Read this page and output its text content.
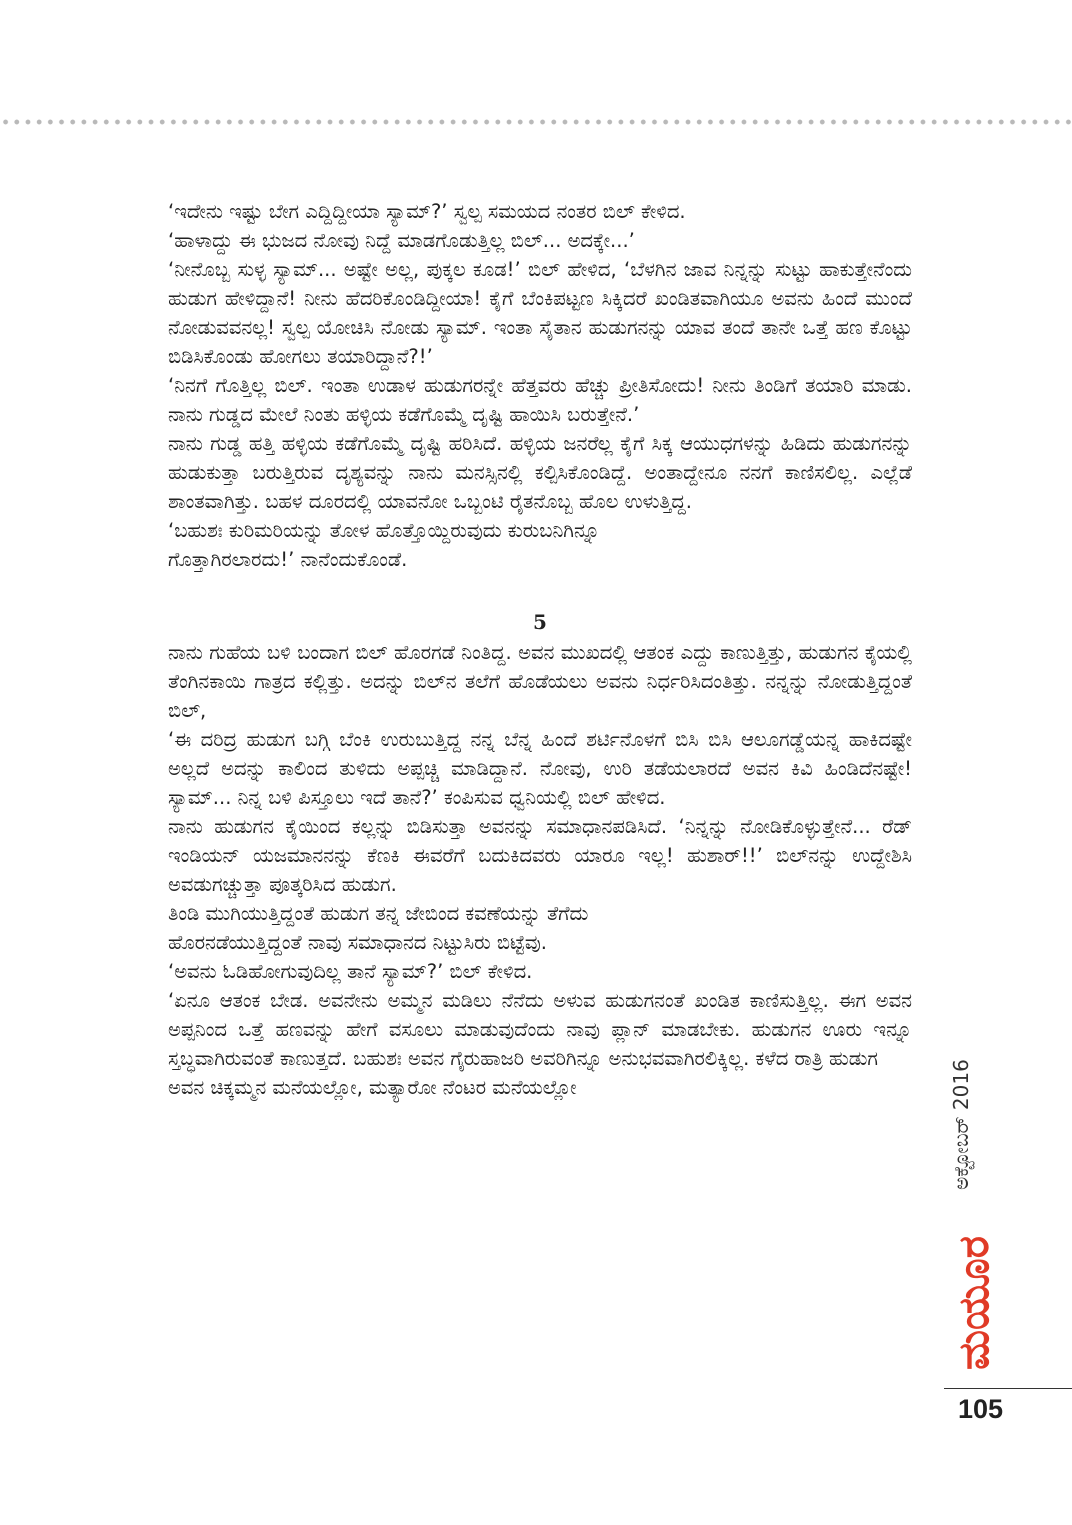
‘ಇದೇನು ಇಷ್ಟು ಬೇಗ ಎದ್ದಿದ್ದೀಯಾ ಸ್ಯಾಮ್?’ ಸ್ವಲ್ಪ ಸಮಯದ ನಂತರ ಬಿಲ್ ಕೇಳಿದ.

‘ಹಾಳಾದ್ದು ಈ ಭುಜದ ನೋವು ನಿದ್ದೆ ಮಾಡಗೊಡುತ್ತಿಲ್ಲ ಬಿಲ್... ಅದಕ್ಕೇ...’

‘ನೀನೊಬ್ಬ ಸುಳ್ಳ ಸ್ಯಾಮ್... ಅಷ್ಟೇ ಅಲ್ಲ, ಪುಕ್ಕಲ ಕೂಡ!’ ಬಿಲ್ ಹೇಳಿದ, ‘ಬೆಳಗಿನ ಜಾವ ನಿನ್ನನ್ನು ಸುಟ್ಟು ಹಾಕುತ್ತೇನೆಂದು ಹುಡುಗ ಹೇಳಿದ್ದಾನೆ! ನೀನು ಹೆದರಿಕೊಂಡಿದ್ದೀಯಾ! ಕೈಗೆ ಬೆಂಕಿಪಟ್ಟಣ ಸಿಕ್ಕಿದರೆ ಖಂಡಿತವಾಗಿಯೂ ಅವನು ಹಿಂದೆ ಮುಂದೆ ನೋಡುವವನಲ್ಲ! ಸ್ವಲ್ಪ ಯೋಚಿಸಿ ನೋಡು ಸ್ಯಾಮ್. ಇಂತಾ ಸೈತಾನ ಹುಡುಗನನ್ನು ಯಾವ ತಂದೆ ತಾನೇ ಒತ್ತೆ ಹಣ ಕೊಟ್ಟು ಬಿಡಿಸಿಕೊಂಡು ಹೋಗಲು ತಯಾರಿದ್ದಾನೆ?!’

‘ನಿನಗೆ ಗೊತ್ತಿಲ್ಲ ಬಿಲ್. ಇಂತಾ ಉಡಾಳ ಹುಡುಗರನ್ನೇ ಹೆತ್ತವರು ಹೆಚ್ಚು ಪ್ರೀತಿಸೋದು! ನೀನು ತಿಂಡಿಗೆ ತಯಾರಿ ಮಾಡು. ನಾನು ಗುಡ್ಡದ ಮೇಲೆ ನಿಂತು ಹಳ್ಳಿಯ ಕಡೆಗೊಮ್ಮೆ ದೃಷ್ಟಿ ಹಾಯಿಸಿ ಬರುತ್ತೇನೆ.’

ನಾನು ಗುಡ್ಡ ಹತ್ತಿ ಹಳ್ಳಿಯ ಕಡೆಗೊಮ್ಮೆ ದೃಷ್ಟಿ ಹರಿಸಿದೆ. ಹಳ್ಳಿಯ ಜನರೆಲ್ಲ ಕೈಗೆ ಸಿಕ್ಕ ಆಯುಧಗಳನ್ನು ಹಿಡಿದು ಹುಡುಗನನ್ನು ಹುಡುಕುತ್ತಾ ಬರುತ್ತಿರುವ ದೃಶ್ಯವನ್ನು ನಾನು ಮನಸ್ಸಿನಲ್ಲಿ ಕಲ್ಪಿಸಿಕೊಂಡಿದ್ದೆ. ಅಂತಾದ್ದೇನೂ ನನಗೆ ಕಾಣಿಸಲಿಲ್ಲ. ಎಲ್ಲೆಡೆ ಶಾಂತವಾಗಿತ್ತು. ಬಹಳ ದೂರದಲ್ಲಿ ಯಾವನೋ ಒಬ್ಬಂಟಿ ರೈತನೊಬ್ಬ ಹೊಲ ಉಳುತ್ತಿದ್ದ.

‘ಬಹುಶಃ ಕುರಿಮರಿಯನ್ನು ತೋಳ ಹೊತ್ತೊಯ್ದಿರುವುದು ಕುರುಬನಿಗಿನ್ನೂ
ಗೊತ್ತಾಗಿರಲಾರದು!’ ನಾನೆಂದುಕೊಂಡೆ.

5

ನಾನು ಗುಹೆಯ ಬಳಿ ಬಂದಾಗ ಬಿಲ್ ಹೊರಗಡೆ ನಿಂತಿದ್ದ. ಅವನ ಮುಖದಲ್ಲಿ ಆತಂಕ ಎದ್ದು ಕಾಣುತ್ತಿತ್ತು, ಹುಡುಗನ ಕೈಯಲ್ಲಿ ತೆಂಗಿನಕಾಯಿ ಗಾತ್ರದ ಕಲ್ಲಿತ್ತು. ಅದನ್ನು ಬಿಲ್‌ನ ತಲೆಗೆ ಹೊಡೆಯಲು ಅವನು ನಿರ್ಧರಿಸಿದಂತಿತ್ತು. ನನ್ನನ್ನು ನೋಡುತ್ತಿದ್ದಂತೆ ಬಿಲ್,

‘ಈ ದರಿದ್ರ ಹುಡುಗ ಬಗ್ಗಿ ಬೆಂಕಿ ಉರುಬುತ್ತಿದ್ದ ನನ್ನ ಬೆನ್ನ ಹಿಂದೆ ಶರ್ಟಿನೊಳಗೆ ಬಿಸಿ ಬಿಸಿ ಆಲೂಗಡ್ಡೆಯನ್ನ ಹಾಕಿದಷ್ಟೇ ಅಲ್ಲದೆ ಅದನ್ನು ಕಾಲಿಂದ ತುಳಿದು ಅಪ್ಪಚ್ಚಿ ಮಾಡಿದ್ದಾನೆ. ನೋವು, ಉರಿ ತಡೆಯಲಾರದೆ ಅವನ ಕಿವಿ ಹಿಂಡಿದೆನಷ್ಟೇ! ಸ್ಯಾಮ್... ನಿನ್ನ ಬಳಿ ಪಿಸ್ತೂಲು ಇದೆ ತಾನೆ?’ ಕಂಪಿಸುವ ಧ್ವನಿಯಲ್ಲಿ ಬಿಲ್ ಹೇಳಿದ.

ನಾನು ಹುಡುಗನ ಕೈಯಿಂದ ಕಲ್ಲನ್ನು ಬಿಡಿಸುತ್ತಾ ಅವನನ್ನು ಸಮಾಧಾನಪಡಿಸಿದೆ. ‘ನಿನ್ನನ್ನು ನೋಡಿಕೊಳ್ಳುತ್ತೇನೆ... ರೆಡ್ ಇಂಡಿಯನ್ ಯಜಮಾನನನ್ನು ಕೆಣಕಿ ಈವರೆಗೆ ಬದುಕಿದವರು ಯಾರೂ ಇಲ್ಲ! ಹುಶಾರ್!!’ ಬಿಲ್‌ನನ್ನು ಉದ್ದೇಶಿಸಿ ಅವಡುಗಚ್ಚುತ್ತಾ ಪೂತ್ಕರಿಸಿದ ಹುಡುಗ.

ತಿಂಡಿ ಮುಗಿಯುತ್ತಿದ್ದಂತೆ ಹುಡುಗ ತನ್ನ ಜೇಬಿಂದ ಕವಣೆಯನ್ನು ತೆಗೆದು
ಹೊರನಡೆಯುತ್ತಿದ್ದಂತೆ ನಾವು ಸಮಾಧಾನದ ನಿಟ್ಟುಸಿರು ಬಿಟ್ಟೆವು.

‘ಅವನು ಓಡಿಹೋಗುವುದಿಲ್ಲ ತಾನೆ ಸ್ಯಾಮ್?’ ಬಿಲ್ ಕೇಳಿದ.

‘ಏನೂ ಆತಂಕ ಬೇಡ. ಅವನೇನು ಅಮ್ಮನ ಮಡಿಲು ನೆನೆದು ಅಳುವ ಹುಡುಗನಂತೆ ಖಂಡಿತ ಕಾಣಿಸುತ್ತಿಲ್ಲ. ಈಗ ಅವನ ಅಪ್ಪನಿಂದ ಒತ್ತೆ ಹಣವನ್ನು ಹೇಗೆ ವಸೂಲು ಮಾಡುವುದೆಂದು ನಾವು ಪ್ಲಾನ್ ಮಾಡಬೇಕು. ಹುಡುಗನ ಊರು ಇನ್ನೂ ಸ್ತಬ್ಧವಾಗಿರುವಂತೆ ಕಾಣುತ್ತದೆ. ಬಹುಶಃ ಅವನ ಗೈರುಹಾಜರಿ ಅವರಿಗಿನ್ನೂ ಅನುಭವವಾಗಿರಲಿಕ್ಕಿಲ್ಲ. ಕಳೆದ ರಾತ್ರಿ ಹುಡುಗ
ಅವನ ಚಿಕ್ಕಮ್ಮನ ಮನೆಯಲ್ಲೋ, ಮತ್ಯಾರೋ ನೆಂಟರ ಮನೆಯಲ್ಲೋ	ಅಕ್ಟೋಬರ್ 2016
ಮಯೂರ
105
